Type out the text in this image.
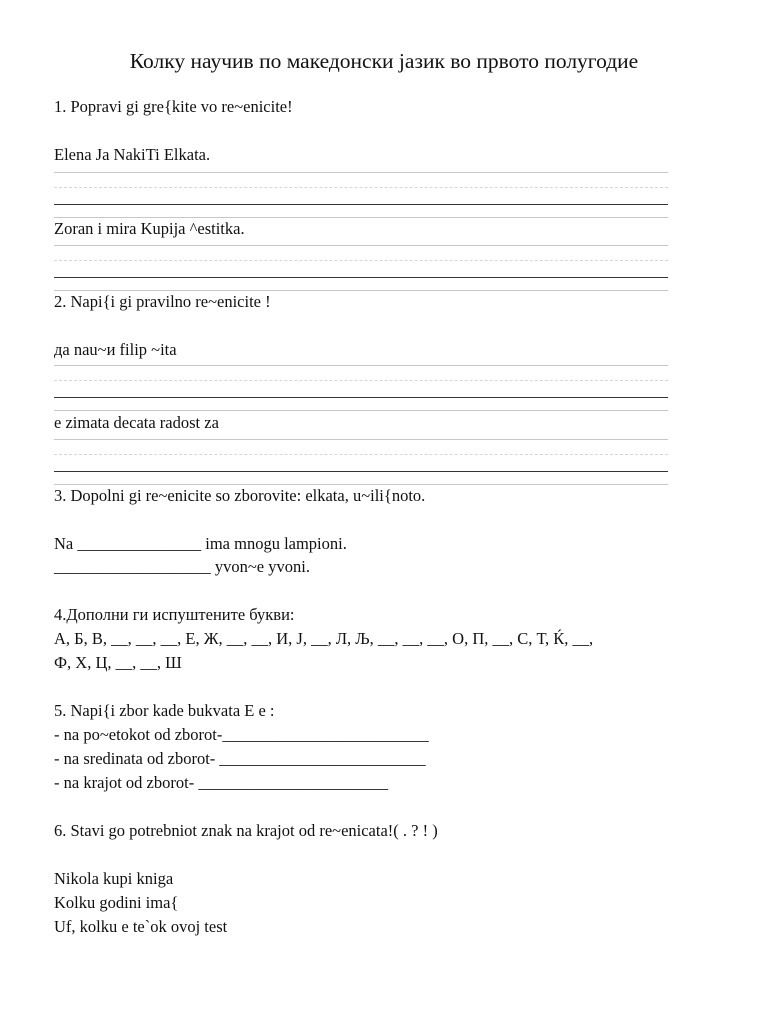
Колку научив по македонски јазик во првото полугодие

1. Popravi gi gre{kite vo re~enicite!

Elena Ja NakiTi Elkata.

Zoran i mira Kupija ^estitka.

2. Napi{i gi pravilno re~enicite !

да nau~и filip ~ita

e zimata decata radost za

3. Dopolni gi re~enicite so zborovite: elkata, u~ili{noto.

Na _______________ ima mnogu lampioni.

___________________ yvon~e yvoni.

4.Дополни ги испуштените букви:

А, Б, В, __, __, __, Е, Ж, __, __, И, Ј, __, Л, Љ, __, __, __, О, П, __, С, Т, Ќ, __,

Ф, Х, Ц, __, __, Ш

5. Napi{i zbor kade bukvata E e :

- na po~etokot od zborot-_________________________

- na sredinata od zborot- _________________________

- na krajot od zborot- _______________________

6. Stavi go potrebniot znak na krajot od re~enicata!( . ? ! )

Nikola kupi kniga

Kolku godini ima{

Uf, kolku e te`ok ovoj test
